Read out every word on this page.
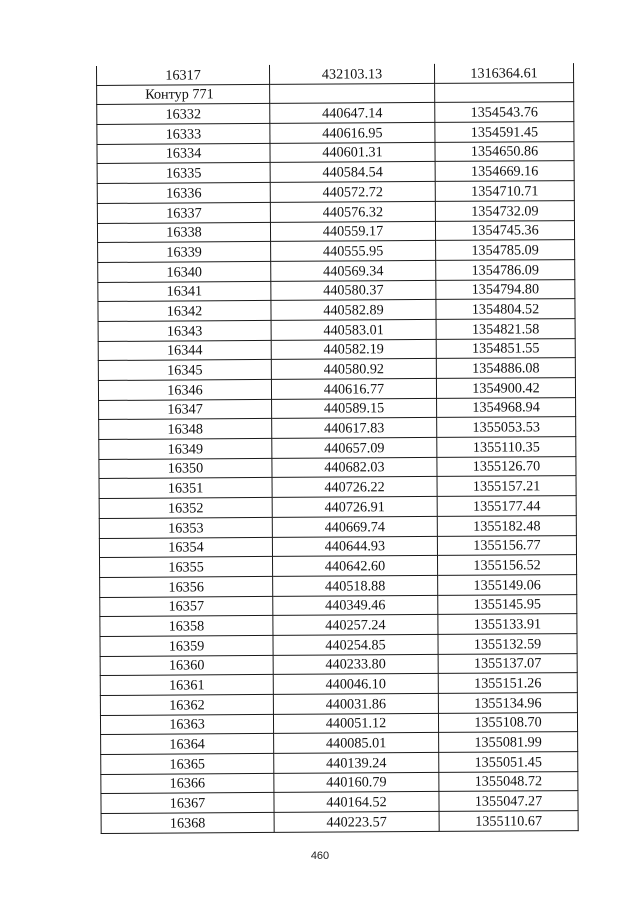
16317	432103.13	1316364.61
Контур 771		
16332	440647.14	1354543.76
16333	440616.95	1354591.45
16334	440601.31	1354650.86
16335	440584.54	1354669.16
16336	440572.72	1354710.71
16337	440576.32	1354732.09
16338	440559.17	1354745.36
16339	440555.95	1354785.09
16340	440569.34	1354786.09
16341	440580.37	1354794.80
16342	440582.89	1354804.52
16343	440583.01	1354821.58
16344	440582.19	1354851.55
16345	440580.92	1354886.08
16346	440616.77	1354900.42
16347	440589.15	1354968.94
16348	440617.83	1355053.53
16349	440657.09	1355110.35
16350	440682.03	1355126.70
16351	440726.22	1355157.21
16352	440726.91	1355177.44
16353	440669.74	1355182.48
16354	440644.93	1355156.77
16355	440642.60	1355156.52
16356	440518.88	1355149.06
16357	440349.46	1355145.95
16358	440257.24	1355133.91
16359	440254.85	1355132.59
16360	440233.80	1355137.07
16361	440046.10	1355151.26
16362	440031.86	1355134.96
16363	440051.12	1355108.70
16364	440085.01	1355081.99
16365	440139.24	1355051.45
16366	440160.79	1355048.72
16367	440164.52	1355047.27
16368	440223.57	1355110.67
460
